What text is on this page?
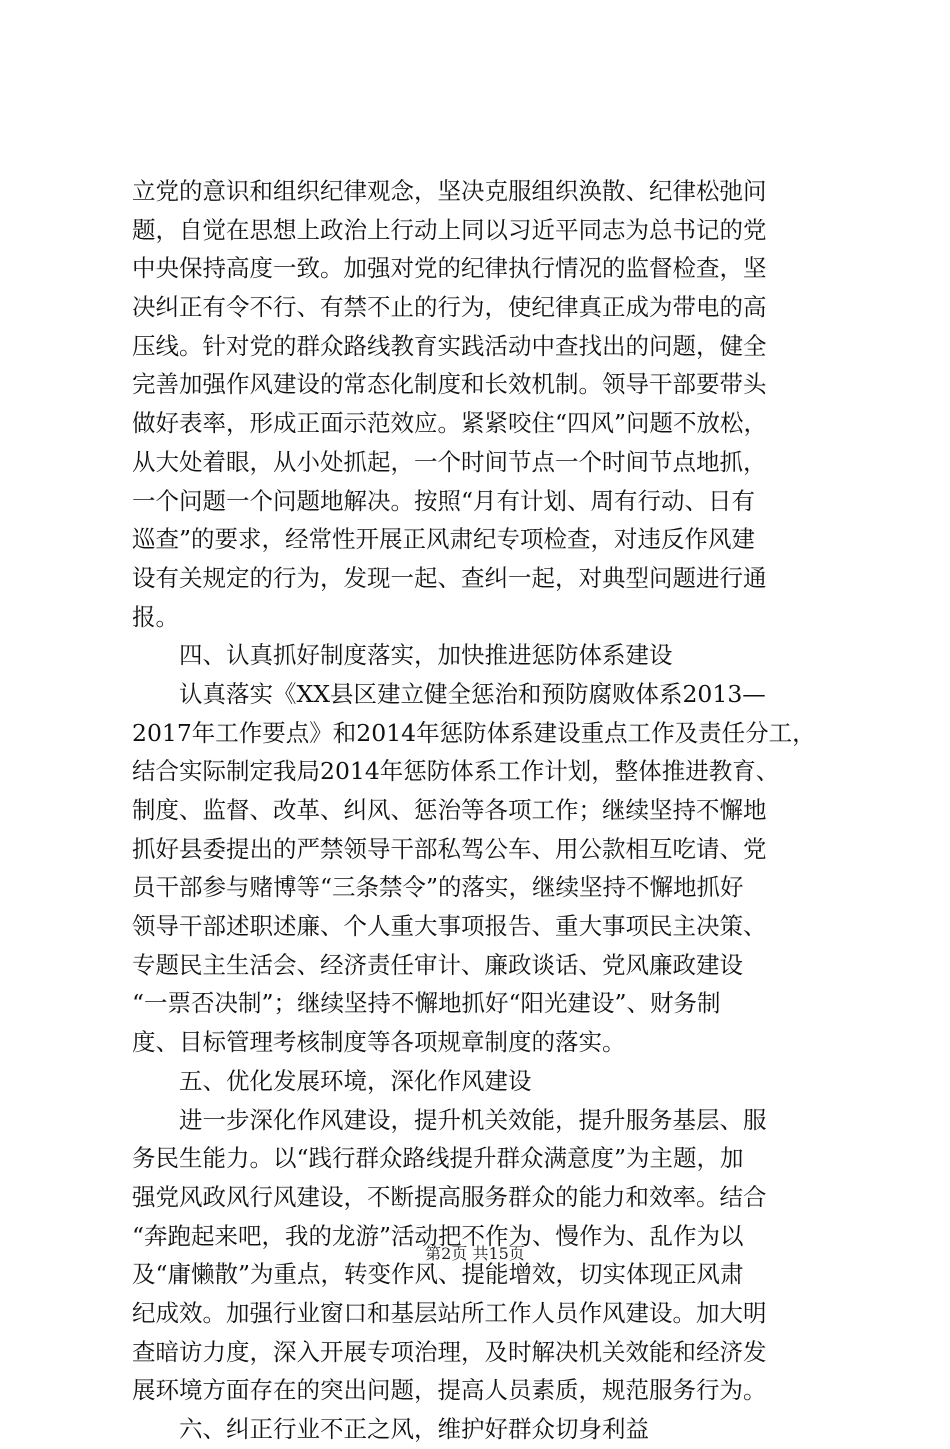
立党的意识和组织纪律观念，坚决克服组织涣散、纪律松弛问
题，自觉在思想上政治上行动上同以习近平同志为总书记的党
中央保持高度一致。加强对党的纪律执行情况的监督检查，坚
决纠正有令不行、有禁不止的行为，使纪律真正成为带电的高
压线。针对党的群众路线教育实践活动中查找出的问题，健全
完善加强作风建设的常态化制度和长效机制。领导干部要带头
做好表率，形成正面示范效应。紧紧咬住“四风”问题不放松，
从大处着眼，从小处抓起，一个时间节点一个时间节点地抓，
一个问题一个问题地解决。按照“月有计划、周有行动、日有
巡查”的要求，经常性开展正风肃纪专项检查，对违反作风建
设有关规定的行为，发现一起、查纠一起，对典型问题进行通
报。
四、认真抓好制度落实，加快推进惩防体系建设
认真落实《XX县区建立健全惩治和预防腐败体系2013—
2017年工作要点》和2014年惩防体系建设重点工作及责任分工，
结合实际制定我局2014年惩防体系工作计划，整体推进教育、
制度、监督、改革、纠风、惩治等各项工作；继续坚持不懈地
抓好县委提出的严禁领导干部私驾公车、用公款相互吃请、党
员干部参与赌博等“三条禁令”的落实，继续坚持不懈地抓好
领导干部述职述廉、个人重大事项报告、重大事项民主决策、
专题民主生活会、经济责任审计、廉政谈话、党风廉政建设
“一票否决制”；继续坚持不懈地抓好“阳光建设”、财务制
度、目标管理考核制度等各项规章制度的落实。
五、优化发展环境，深化作风建设
进一步深化作风建设，提升机关效能，提升服务基层、服
务民生能力。以“践行群众路线提升群众满意度”为主题，加
强党风政风行风建设，不断提高服务群众的能力和效率。结合
“奔跑起来吧，我的龙游”活动把不作为、慢作为、乱作为以
及“庸懒散”为重点，转变作风、提能增效，切实体现正风肃
纪成效。加强行业窗口和基层站所工作人员作风建设。加大明
查暗访力度，深入开展专项治理，及时解决机关效能和经济发
展环境方面存在的突出问题，提高人员素质，规范服务行为。
六、纠正行业不正之风，维护好群众切身利益
第2页 共15页
